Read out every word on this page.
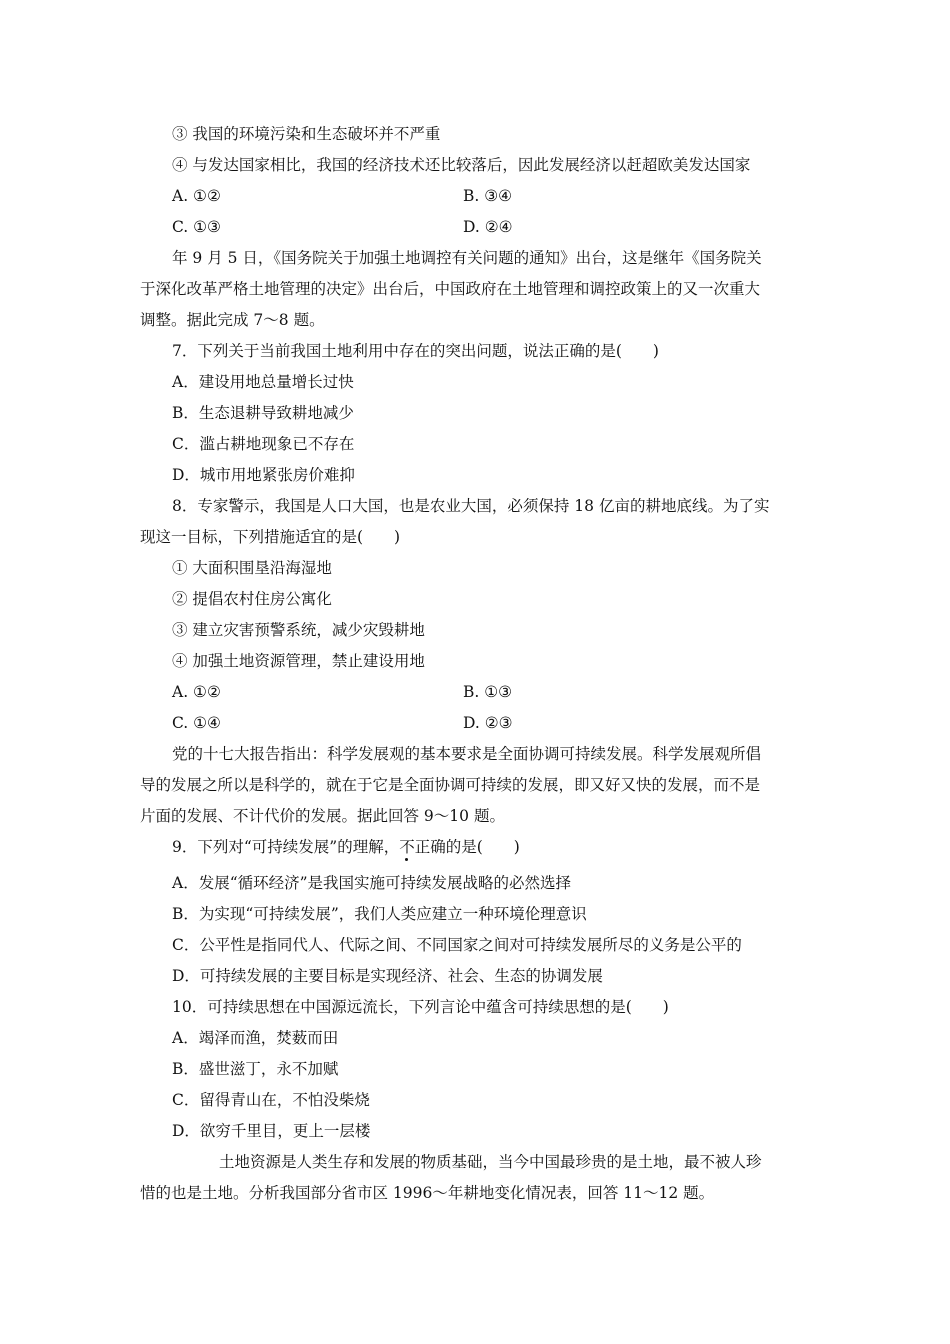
③ 我国的环境污染和生态破坏并不严重
④ 与发达国家相比，我国的经济技术还比较落后，因此发展经济以赶超欧美发达国家
A. ①②	B. ③④
C. ①③	D. ②④
年 9 月 5 日，《国务院关于加强土地调控有关问题的通知》出台，这是继年《国务院关
于深化改革严格土地管理的决定》出台后，中国政府在土地管理和调控政策上的又一次重大
调整。据此完成 7～8 题。
7．下列关于当前我国土地利用中存在的突出问题，说法正确的是(　　)
A．建设用地总量增长过快
B．生态退耕导致耕地减少
C．滥占耕地现象已不存在
D．城市用地紧张房价难抑
8．专家警示，我国是人口大国，也是农业大国，必须保持 18 亿亩的耕地底线。为了实
现这一目标，下列措施适宜的是(　　)
① 大面积围垦沿海湿地
② 提倡农村住房公寓化
③ 建立灾害预警系统，减少灾毁耕地
④ 加强土地资源管理，禁止建设用地
A. ①②	B. ①③
C. ①④	D. ②③
党的十七大报告指出：科学发展观的基本要求是全面协调可持续发展。科学发展观所倡
导的发展之所以是科学的，就在于它是全面协调可持续的发展，即又好又快的发展，而不是
片面的发展、不计代价的发展。据此回答 9～10 题。
9．下列对“可持续发展”的理解，不正确的是(　　)
A．发展“循环经济”是我国实施可持续发展战略的必然选择
B．为实现“可持续发展”，我们人类应建立一种环境伦理意识
C．公平性是指同代人、代际之间、不同国家之间对可持续发展所尽的义务是公平的
D．可持续发展的主要目标是实现经济、社会、生态的协调发展
10．可持续思想在中国源远流长，下列言论中蕴含可持续思想的是(　　)
A．竭泽而渔，焚薮而田
B．盛世滋丁，永不加赋
C．留得青山在，不怕没柴烧
D．欲穷千里目，更上一层楼
土地资源是人类生存和发展的物质基础，当今中国最珍贵的是土地，最不被人珍
惜的也是土地。分析我国部分省市区 1996～年耕地变化情况表，回答 11～12 题。
